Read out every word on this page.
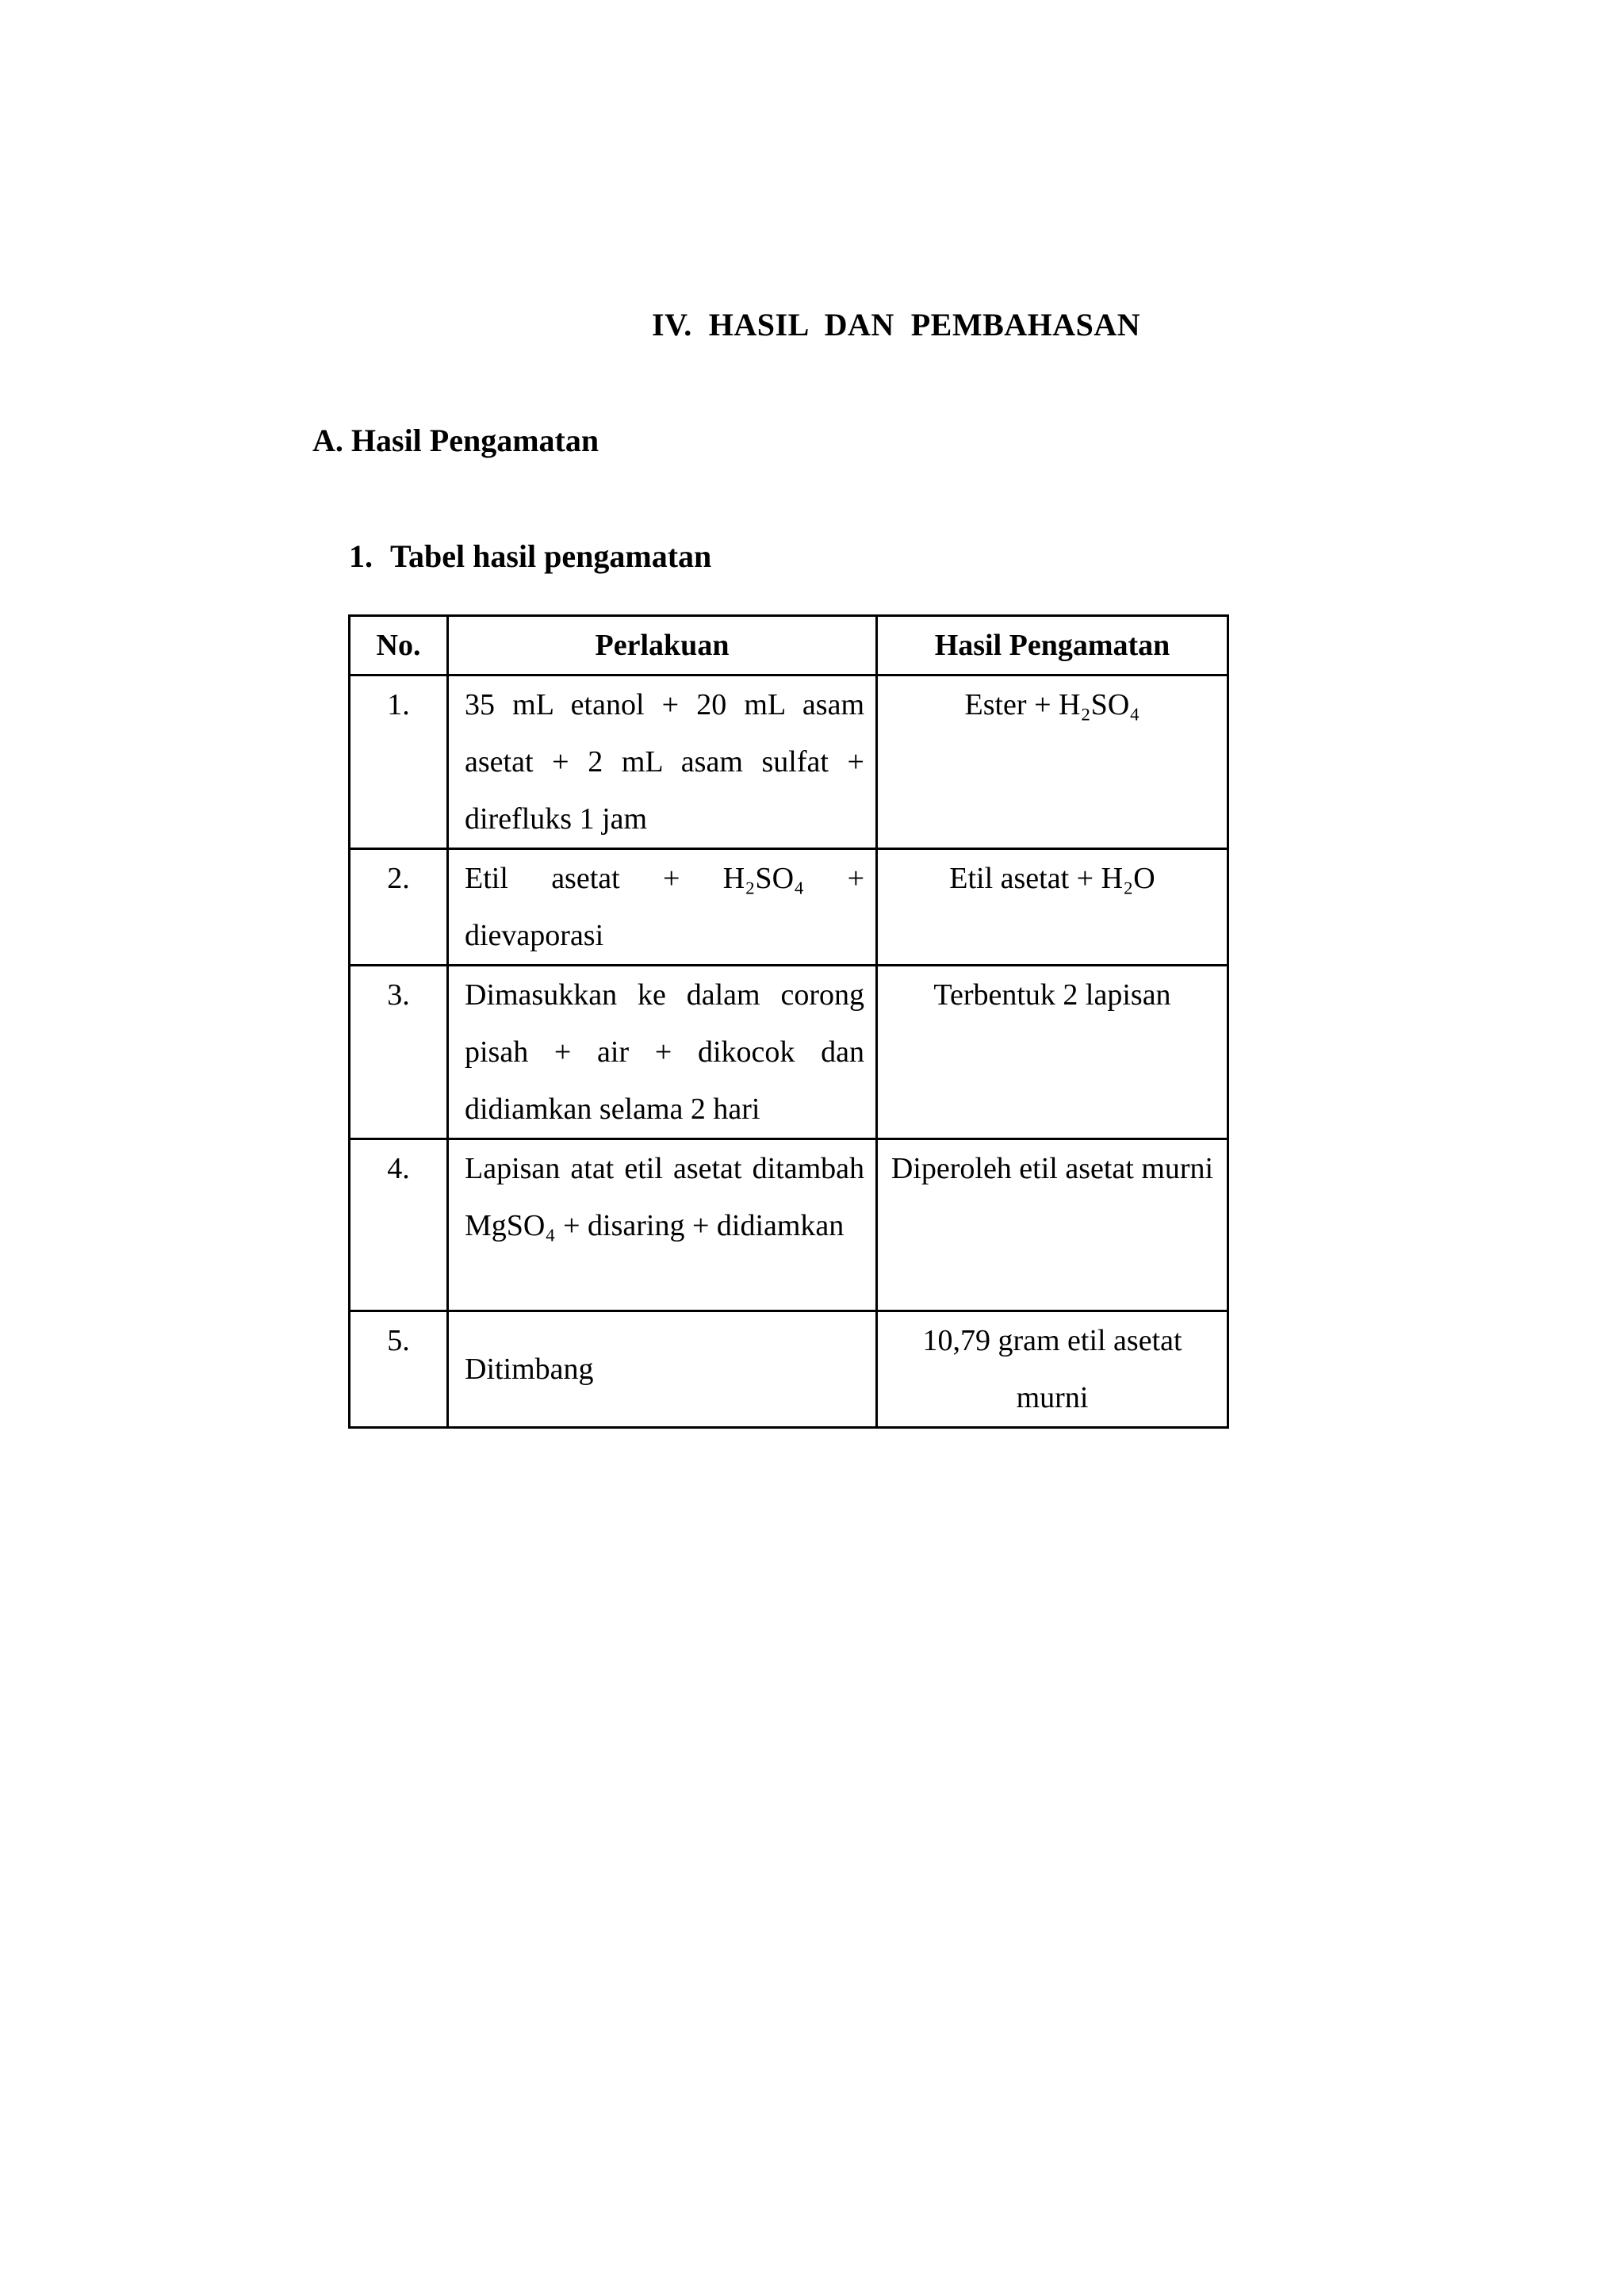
IV.  HASIL  DAN  PEMBAHASAN
A. Hasil Pengamatan
1. Tabel hasil pengamatan
No.	Perlakuan	Hasil Pengamatan
1.	35 mL etanol + 20 mL asam asetat + 2 mL asam sulfat + direfluks 1 jam	Ester + H₂SO₄
2.	Etil asetat + H₂SO₄ + dievaporasi	Etil asetat + H₂O
3.	Dimasukkan ke dalam corong pisah + air + dikocok dan didiamkan selama 2 hari	Terbentuk 2 lapisan
4.	Lapisan atat etil asetat ditambah MgSO₄ + disaring + didiamkan	Diperoleh etil asetat murni
5.	Ditimbang	10,79 gram etil asetat murni
